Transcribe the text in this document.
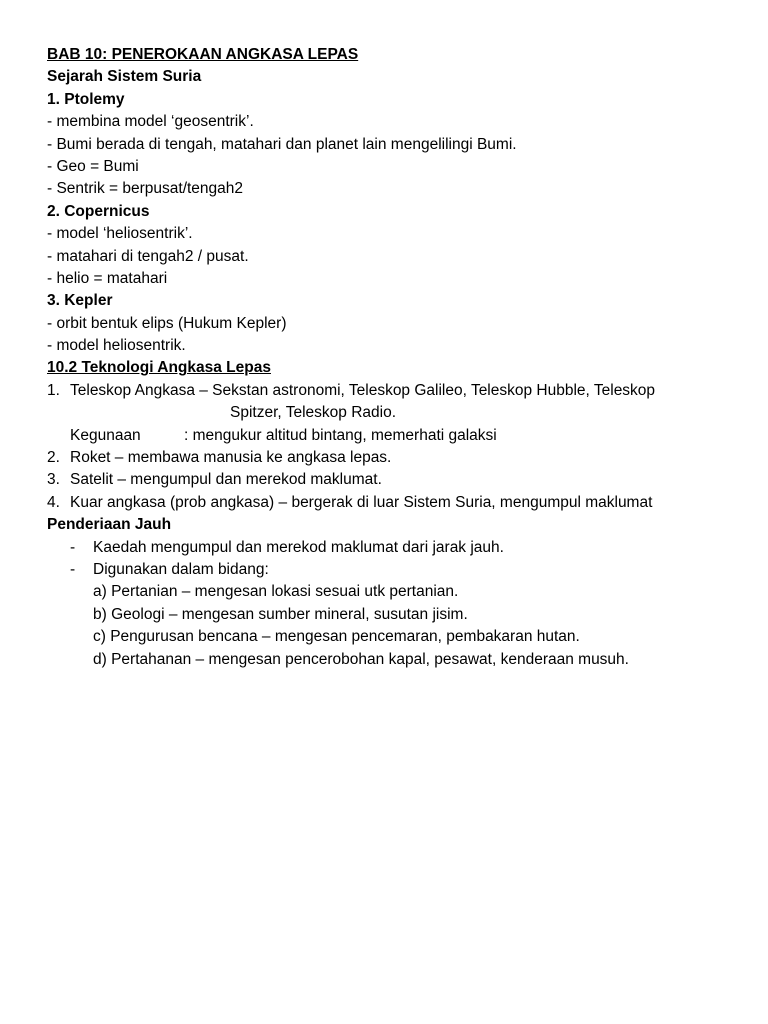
BAB 10: PENEROKAAN ANGKASA LEPAS
Sejarah Sistem Suria
1. Ptolemy
- membina model ‘geosentrik’.
- Bumi berada di tengah, matahari dan planet lain mengelilingi Bumi.
- Geo = Bumi
- Sentrik = berpusat/tengah2
2. Copernicus
- model ‘heliosentrik’.
- matahari di tengah2 / pusat.
- helio = matahari
3. Kepler
- orbit bentuk elips (Hukum Kepler)
- model heliosentrik.
10.2 Teknologi Angkasa Lepas
1. Teleskop Angkasa – Sekstan astronomi, Teleskop Galileo, Teleskop Hubble, Teleskop
Spitzer, Teleskop Radio.
Kegunaan	: mengukur altitud bintang, memerhati galaksi
2. Roket – membawa manusia ke angkasa lepas.
3. Satelit – mengumpul dan merekod maklumat.
4. Kuar angkasa (prob angkasa) – bergerak di luar Sistem Suria, mengumpul maklumat
Penderiaan Jauh
-	Kaedah mengumpul dan merekod maklumat dari jarak jauh.
-	Digunakan dalam bidang:
a) Pertanian – mengesan lokasi sesuai utk pertanian.
b) Geologi – mengesan sumber mineral, susutan jisim.
c) Pengurusan bencana – mengesan pencemaran, pembakaran hutan.
d) Pertahanan – mengesan pencerobohan kapal, pesawat, kenderaan musuh.
